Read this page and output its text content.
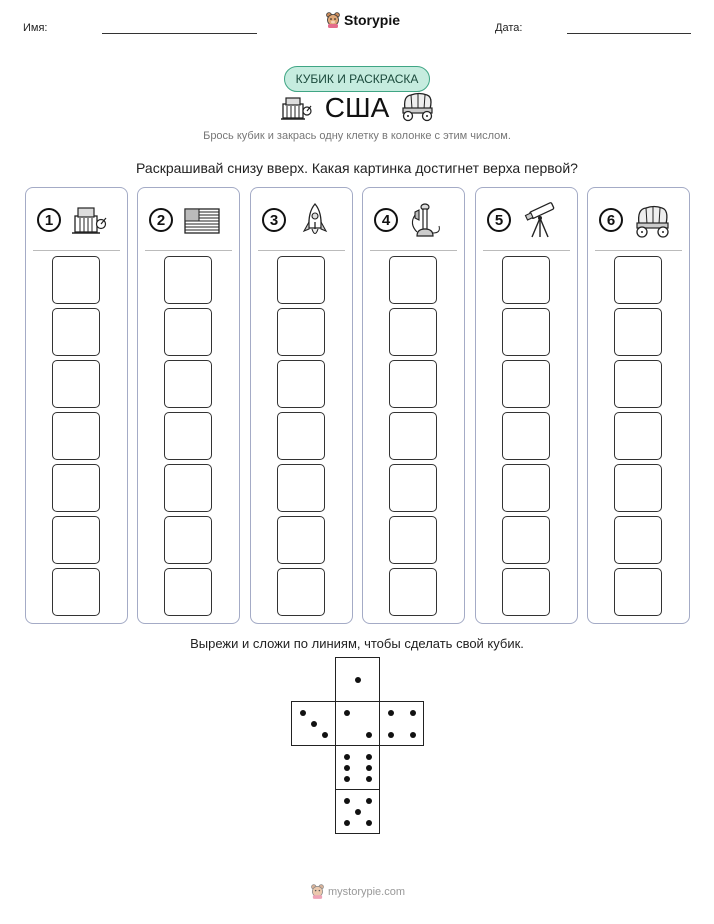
Имя:	Storypie	Дата:
КУБИК И РАСКРАСКА
США
Брось кубик и закрась одну клетку в колонке с этим числом.
Раскрашивай снизу вверх. Какая картинка достигнет верха первой?
1	2	3	4	5	6
Вырежи и сложи по линиям, чтобы сделать свой кубик.
mystorypie.com
